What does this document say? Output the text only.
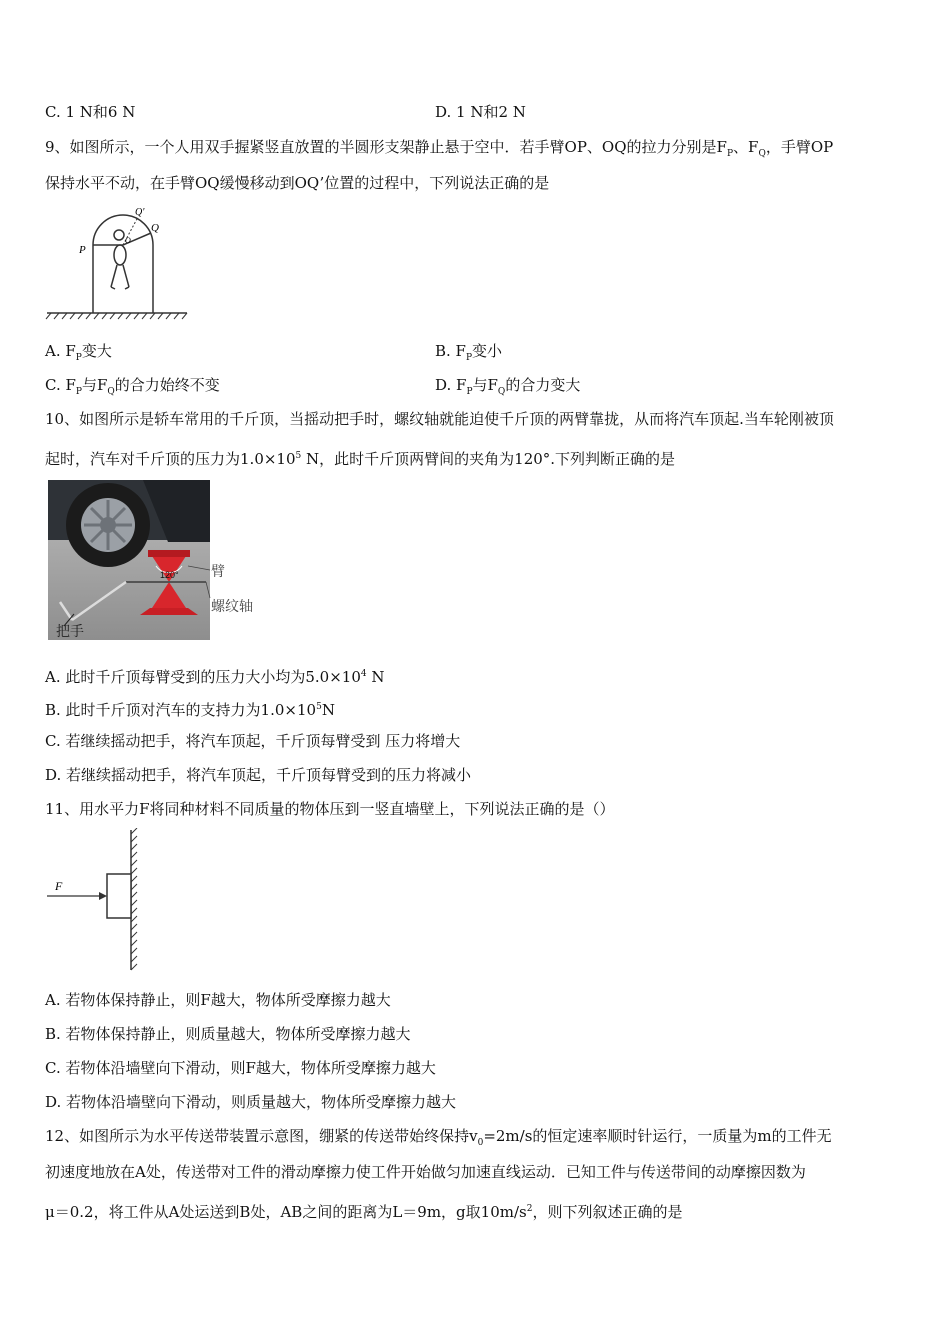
C. 1 N和6 N	D. 1 N和2 N
9、如图所示，一个人用双手握紧竖直放置的半圆形支架静止悬于空中．若手臂OP、OQ的拉力分别是$F_P$、$F_Q$，手臂OP
保持水平不动，在手臂OQ缓慢移动到OQ’位置的过程中，下列说法正确的是
P
Q
Q'
O
A. $F_P$变大	B. $F_P$变小
C. $F_P$与$F_Q$的合力始终不变	D. $F_P$与$F_Q$的合力变大
10、如图所示是轿车常用的千斤顶，当摇动把手时，螺纹轴就能迫使千斤顶的两臂靠拢，从而将汽车顶起.当车轮刚被顶
起时，汽车对千斤顶的压力为$1.0\times 10^5$ N，此时千斤顶两臂间的夹角为120°.下列判断正确的是
120° 臂
螺纹轴
把手
A. 此时千斤顶每臂受到的压力大小均为$5.0\times 10^4$ N
B. 此时千斤顶对汽车的支持力为$1.0\times 10^5N$
C. 若继续摇动把手，将汽车顶起，千斤顶每臂受到 压力将增大
D. 若继续摇动把手，将汽车顶起，千斤顶每臂受到的压力将减小
11、用水平力F将同种材料不同质量的物体压到一竖直墙壁上，下列说法正确的是（）
F
A. 若物体保持静止，则F越大，物体所受摩擦力越大
B. 若物体保持静止，则质量越大，物体所受摩擦力越大
C. 若物体沿墙壁向下滑动，则F越大，物体所受摩擦力越大
D. 若物体沿墙壁向下滑动，则质量越大，物体所受摩擦力越大
12、如图所示为水平传送带装置示意图，绷紧的传送带始终保持$v_0=2m/s$的恒定速率顺时针运行，一质量为m的工件无
初速度地放在A处，传送带对工件的滑动摩擦力使工件开始做匀加速直线运动．已知工件与传送带间的动摩擦因数为
μ＝0.2，将工件从A处运送到B处，AB之间的距离为L＝9m，g取$10m/s^2$，则下列叙述正确的是
